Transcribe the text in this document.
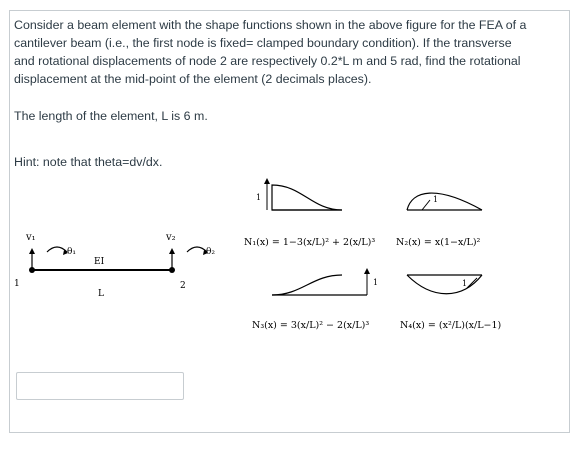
Consider a beam element with the shape functions shown in the above figure for the FEA of a cantilever beam (i.e., the first node is fixed= clamped boundary condition). If the transverse and rotational displacements of node 2 are respectively 0.2*L m and 5 rad, find the rotational displacement at the mid-point of the element (2 decimals places).

The length of the element, L is 6 m.
Hint: note that theta=dv/dx.
v₁
θ₁
v₂
θ₂
EI
L
1	2
1	1
N₁(x) = 1−3(x/L)² + 2(x/L)³ N₂(x) = x(1−x/L)²
1	1
N₃(x) = 3(x/L)² − 2(x/L)³	N₄(x) = (x²/L)(x/L−1)
